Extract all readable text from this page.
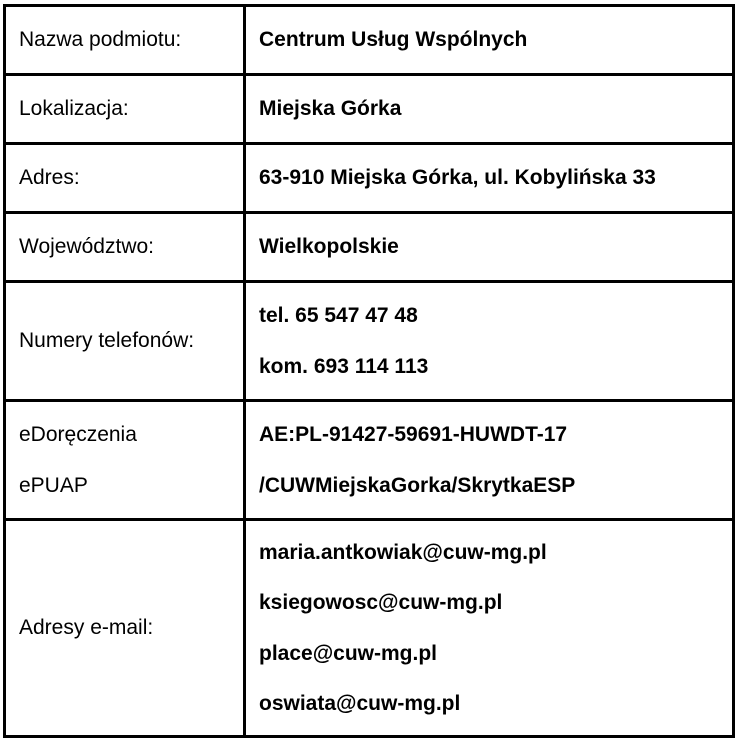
Nazwa podmiotu:	Centrum Usług Wspólnych
Lokalizacja:	Miejska Górka
Adres:	63-910 Miejska Górka, ul. Kobylińska 33
Województwo:	Wielkopolskie
Numery telefonów:	tel. 65 547 47 48
kom. 693 114 113

eDoręczenia
ePUAP	AE:PL-91427-59691-HUWDT-17
/CUWMiejskaGorka/SkrytkaESP

Adresy e-mail:	maria.antkowiak@cuw-mg.pl
ksiegowosc@cuw-mg.pl
place@cuw-mg.pl
oswiata@cuw-mg.pl
